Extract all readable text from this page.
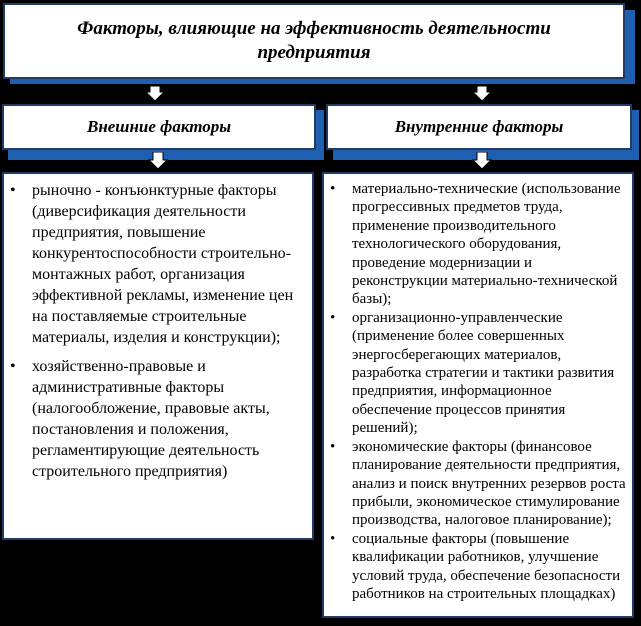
Факторы, влияющие на эффективность деятельности предприятия
Внешние факторы	Внутренние факторы
• рыночно - конъюнктурные факторы (диверсификация деятельности предприятия, повышение конкурентоспособности строительно-монтажных работ, организация эффективной рекламы, изменение цен на поставляемые строительные материалы, изделия и конструкции);
• хозяйственно-правовые и административные факторы (налогообложение, правовые акты, постановления и положения, регламентирующие деятельность строительного предприятия)
• материально-технические (использование прогрессивных предметов труда, применение производительного технологического оборудования, проведение модернизации и реконструкции материально-технической базы);
• организационно-управленческие (применение более совершенных энергосберегающих материалов, разработка стратегии и тактики развития предприятия, информационное обеспечение процессов принятия решений);
• экономические факторы (финансовое планирование деятельности предприятия, анализ и поиск внутренних резервов роста прибыли, экономическое стимулирование производства, налоговое планирование);
• социальные факторы (повышение квалификации работников, улучшение условий труда, обеспечение безопасности работников на строительных площадках)
